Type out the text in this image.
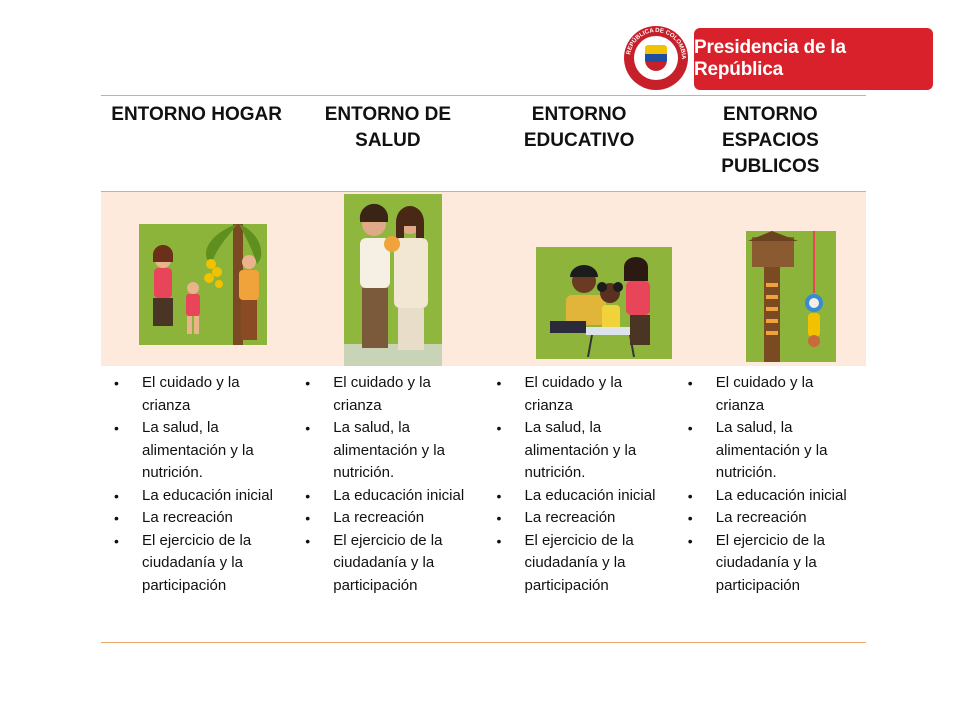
REPÚBLICA DE COLOMBIA Presidencia de la República
ENTORNO HOGAR	ENTORNO DE SALUD
ENTORNO EDUCATIVO
ENTORNO ESPACIOS PUBLICOS
• El cuidado y la crianza
• La salud, la alimentación y la nutrición.
• La educación inicial
• La recreación
• El ejercicio de la ciudadanía y la participación
• El cuidado y la crianza
• La salud, la alimentación y la nutrición.
• La educación inicial
• La recreación
• El ejercicio de la ciudadanía y la participación
• El cuidado y la crianza
• La salud, la alimentación y la nutrición.
• La educación inicial
• La recreación
• El ejercicio de la ciudadanía y la participación
• El cuidado y la crianza
• La salud, la alimentación y la nutrición.
• La educación inicial
• La recreación
• El ejercicio de la ciudadanía y la participación
